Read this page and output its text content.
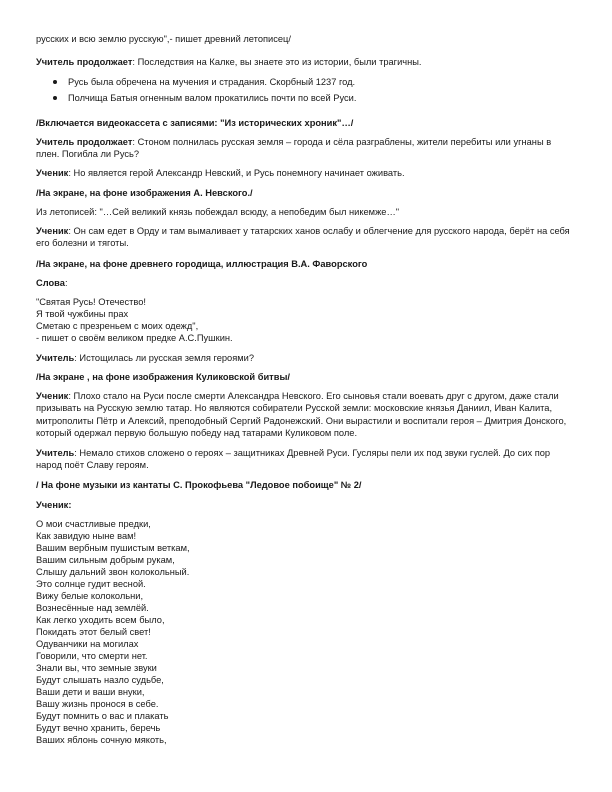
русских и всю землю русскую",- пишет древний летописец/

Учитель продолжает: Последствия на Калке, вы знаете это из истории, были трагичны.

Русь была обречена на мучения и страдания. Скорбный 1237 год.
Полчища Батыя огненным валом прокатились почти по всей Руси.

/Включается видеокассета с записями: "Из исторических хроник"…/

Учитель продолжает: Стоном полнилась русская земля – города и сёла разграблены, жители перебиты или угнаны в плен. Погибла ли Русь?

Ученик: Но является герой Александр Невский, и Русь понемногу начинает оживать.

/На экране, на фоне изображения А. Невского./

Из летописей: "…Сей великий князь побеждал всюду, а непобедим был никемже…"

Ученик: Он сам едет в Орду и там вымаливает у татарских ханов ослабу и облегчение для русского народа, берёт на себя его болезни и тяготы.

/На экране, на фоне древнего городища, иллюстрация В.А. Фаворского

Слова:

"Святая Русь! Отечество!
Я твой чужбины прах
Сметаю с презреньем с моих одежд",
- пишет о своём великом предке А.С.Пушкин.

Учитель: Истощилась ли русская земля героями?

/На экране , на фоне изображения Куликовской битвы/

Ученик: Плохо стало на Руси после смерти Александра Невского. Его сыновья стали воевать друг с другом, даже стали призывать на Русскую землю татар. Но являются собиратели Русской земли: московские князья Даниил, Иван Калита, митрополиты Пётр и Алексий, преподобный Сергий Радонежский. Они вырастили и воспитали героя – Дмитрия Донского, который одержал первую большую победу над татарами Куликовом поле.

Учитель: Немало стихов сложено о героях – защитниках Древней Руси. Гусляры пели их под звуки гуслей. До сих пор народ поёт Славу героям.

/ На фоне музыки из кантаты С. Прокофьева "Ледовое побоище" № 2/

Ученик:

О мои счастливые предки,
Как завидую ныне вам!
Вашим вербным пушистым веткам,
Вашим сильным добрым рукам,
Слышу дальний звон колокольный.
Это солнце гудит весной.
Вижу белые колокольни,
Вознесённые над землёй.
Как легко уходить всем было,
Покидать этот белый свет!
Одуванчики на могилах
Говорили, что смерти нет.
Знали вы, что земные звуки
Будут слышать назло судьбе,
Ваши дети и ваши внуки,
Вашу жизнь пронося в себе.
Будут помнить о вас и плакать
Будут вечно хранить, беречь
Ваших яблонь сочную мякоть,
